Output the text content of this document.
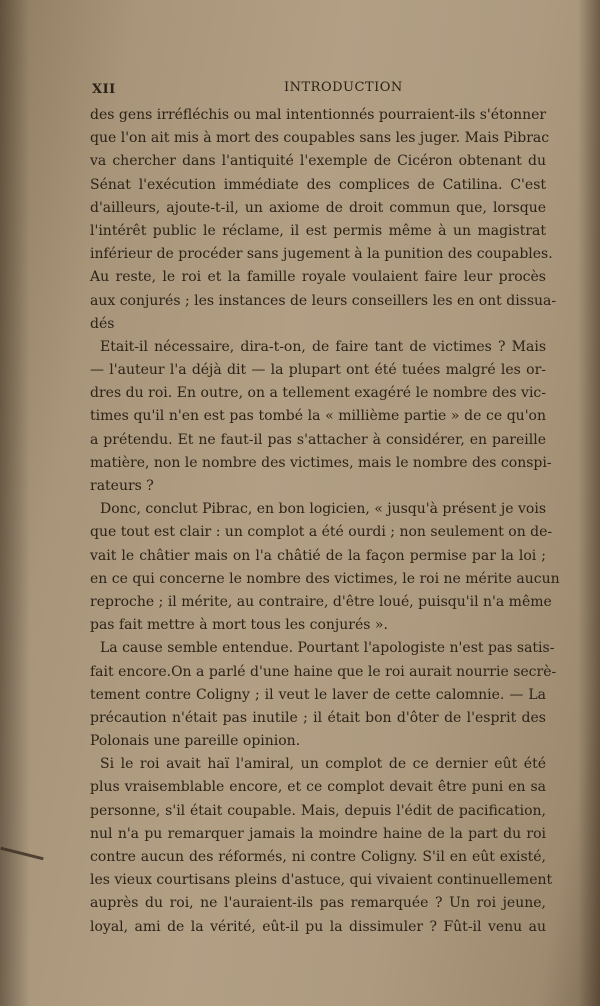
XII	INTRODUCTION
des gens irréfléchis ou mal intentionnés pourraient-ils s'étonner
que l'on ait mis à mort des coupables sans les juger. Mais Pibrac
va chercher dans l'antiquité l'exemple de Cicéron obtenant du
Sénat l'exécution immédiate des complices de Catilina. C'est
d'ailleurs, ajoute-t-il, un axiome de droit commun que, lorsque
l'intérêt public le réclame, il est permis même à un magistrat
inférieur de procéder sans jugement à la punition des coupables.
Au reste, le roi et la famille royale voulaient faire leur procès
aux conjurés ; les instances de leurs conseillers les en ont dissua-
dés
Etait-il nécessaire, dira-t-on, de faire tant de victimes ? Mais
— l'auteur l'a déjà dit — la plupart ont été tuées malgré les or-
dres du roi. En outre, on a tellement exagéré le nombre des vic-
times qu'il n'en est pas tombé la « millième partie » de ce qu'on
a prétendu. Et ne faut-il pas s'attacher à considérer, en pareille
matière, non le nombre des victimes, mais le nombre des conspi-
rateurs ?
Donc, conclut Pibrac, en bon logicien, « jusqu'à présent je vois
que tout est clair : un complot a été ourdi ; non seulement on de-
vait le châtier mais on l'a châtié de la façon permise par la loi ;
en ce qui concerne le nombre des victimes, le roi ne mérite aucun
reproche ; il mérite, au contraire, d'être loué, puisqu'il n'a même
pas fait mettre à mort tous les conjurés ».
La cause semble entendue. Pourtant l'apologiste n'est pas satis-
fait encore.On a parlé d'une haine que le roi aurait nourrie secrè-
tement contre Coligny ; il veut le laver de cette calomnie. — La
précaution n'était pas inutile ; il était bon d'ôter de l'esprit des
Polonais une pareille opinion.
Si le roi avait haï l'amiral, un complot de ce dernier eût été
plus vraisemblable encore, et ce complot devait être puni en sa
personne, s'il était coupable. Mais, depuis l'édit de pacification,
nul n'a pu remarquer jamais la moindre haine de la part du roi
contre aucun des réformés, ni contre Coligny. S'il en eût existé,
les vieux courtisans pleins d'astuce, qui vivaient continuellement
auprès du roi, ne l'auraient-ils pas remarquée ? Un roi jeune,
loyal, ami de la vérité, eût-il pu la dissimuler ? Fût-il venu au
